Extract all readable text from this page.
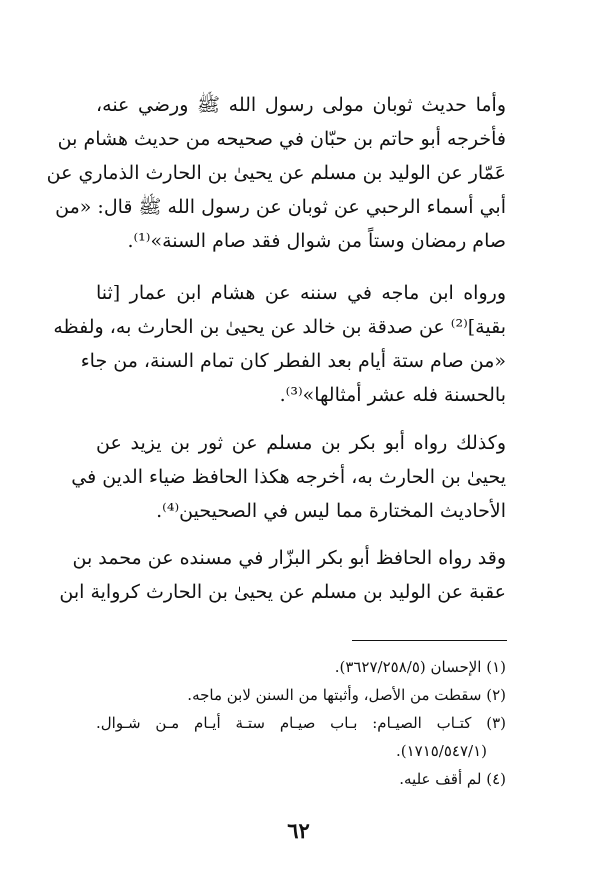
وأما حديث ثوبان مولى رسول الله ﷺ ورضي عنه،
فأخرجه أبو حاتم بن حبّان في صحيحه من حديث هشام بن
عَمّار عن الوليد بن مسلم عن يحيىٰ بن الحارث الذماري عن
أبي أسماء الرحبي عن ثوبان عن رسول الله ﷺ قال: «من
صام رمضان وستاً من شوال فقد صام السنة»⁽¹⁾.
ورواه ابن ماجه في سننه عن هشام ابن عمار [ثنا
بقية]⁽²⁾ عن صدقة بن خالد عن يحيىٰ بن الحارث به، ولفظه
«من صام ستة أيام بعد الفطر كان تمام السنة، من جاء
بالحسنة فله عشر أمثالها»⁽³⁾.
وكذلك رواه أبو بكر بن مسلم عن ثور بن يزيد عن
يحيىٰ بن الحارث به، أخرجه هكذا الحافظ ضياء الدين في
الأحاديث المختارة مما ليس في الصحيحين⁽⁴⁾.
وقد رواه الحافظ أبو بكر البزّار في مسنده عن محمد بن
عقبة عن الوليد بن مسلم عن يحيىٰ بن الحارث كرواية ابن
(١) الإحسان (٣٦٢٧/٢٥٨/٥).
(٢) سقطت من الأصل، وأثبتها من السنن لابن ماجه.
(٣) كتـاب الصيـام: بـاب صيـام ستـة أيـام مـن شـوال.
(١٧١٥/٥٤٧/١).
(٤) لم أقف عليه.
٦٢
